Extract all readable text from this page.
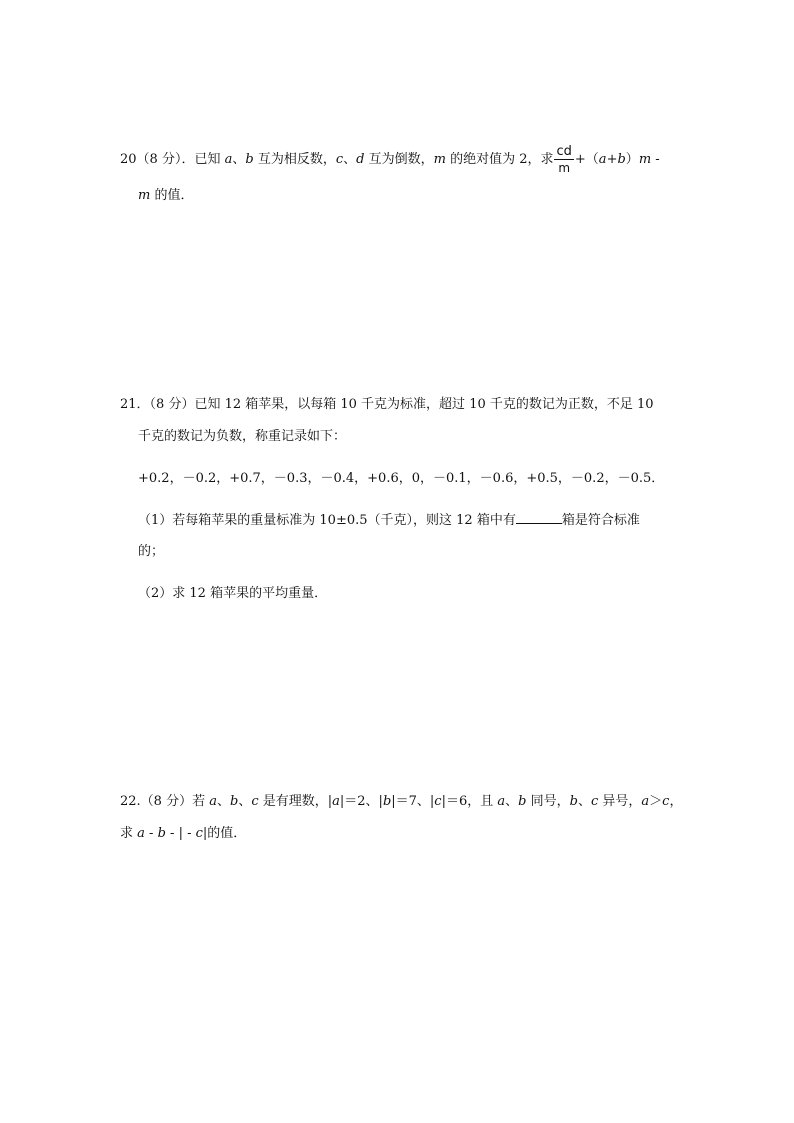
20（8 分）．已知 a、b 互为相反数，c、d 互为倒数，m 的绝对值为 2，求 $\frac{cd}{m} +(a+b)m$ -
m 的值．
21．（8 分）已知 12 箱苹果，以每箱 10 千克为标准，超过 10 千克的数记为正数，不足 10
千克的数记为负数，称重记录如下：
+0.2，－0.2，+0.7，－0.3，－0.4，+0.6，0，－0.1，－0.6，+0.5，－0.2，－0.5．
（1）若每箱苹果的重量标准为 10±0.5（千克），则这 12 箱中有	箱是符合标准
的；
（2）求 12 箱苹果的平均重量．
22.（8 分）若 a、b、c 是有理数，|a|＝2、|b|＝7、|c|＝6，且 a、b 同号，b、c 异号，a＞c，
求 a - b - | - c|的值．
